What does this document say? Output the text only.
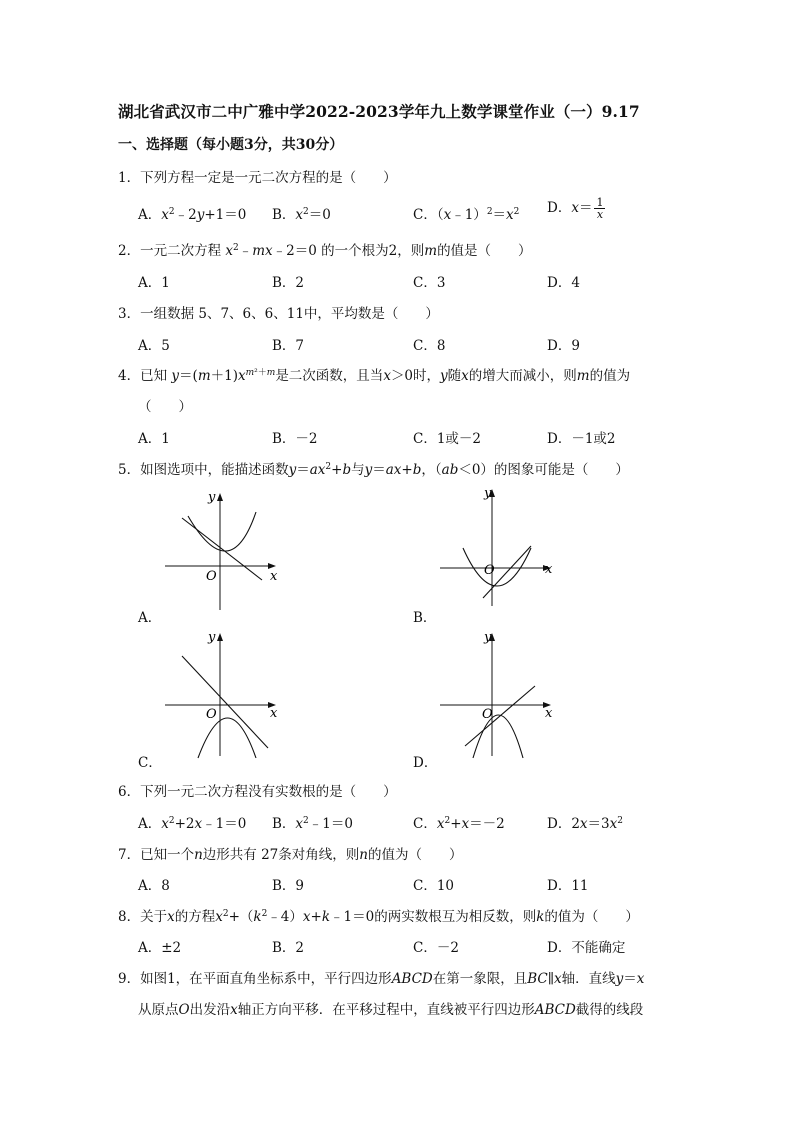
湖北省武汉市二中广雅中学2022-2023学年九上数学课堂作业（一）9.17
一、选择题（每小题3分，共30分）
1．下列方程一定是一元二次方程的是（　　）
A．$x^2﹣2y+1=0$ B．$x^2=0$	C．$(x﹣1)^2=x^2$ D．$x= \frac{1}{x}$
2．一元二次方程 $x^2﹣mx﹣2=0$ 的一个根为2，则m的值是（　　）
A．1	B．2	C．3	D．4
3．一组数据 5、7、6、6、11中，平均数是（　　）
A．5	B．7	C．8	D．9
4．已知 $y=(m+1)x^{m^2+m}$是二次函数，且当x＞0时，y随x的增大而减小，则m的值为
（　　）
A．1	B．－2	C．1或－2	D．－1或2
5．如图选项中，能描述函数$y=ax^2+b$与y＝ax+b，（ab＜0）的图象可能是（　　）
x
y
O
A．
x
y
O
B．
x
y
O
C．
x
y
O
D．
6．下列一元二次方程没有实数根的是（　　）
A．$x^2+2x﹣1=0$ B．$x^2﹣1=0$	C．$x^2+x=-2$	D．$2x=3x^2$
7．已知一个n边形共有 27条对角线，则n的值为（　　）
A．8	B．9	C．10	D．11
8．关于x的方程$x^2+(k^2﹣4)x+k﹣1=0$的两实数根互为相反数，则k的值为（　　）
A．±2	B．2	C．－2	D．不能确定
9．如图1，在平面直角坐标系中，平行四边形ABCD在第一象限，且BC∥x轴．直线y＝x
从原点O出发沿x轴正方向平移．在平移过程中，直线被平行四边形ABCD截得的线段
